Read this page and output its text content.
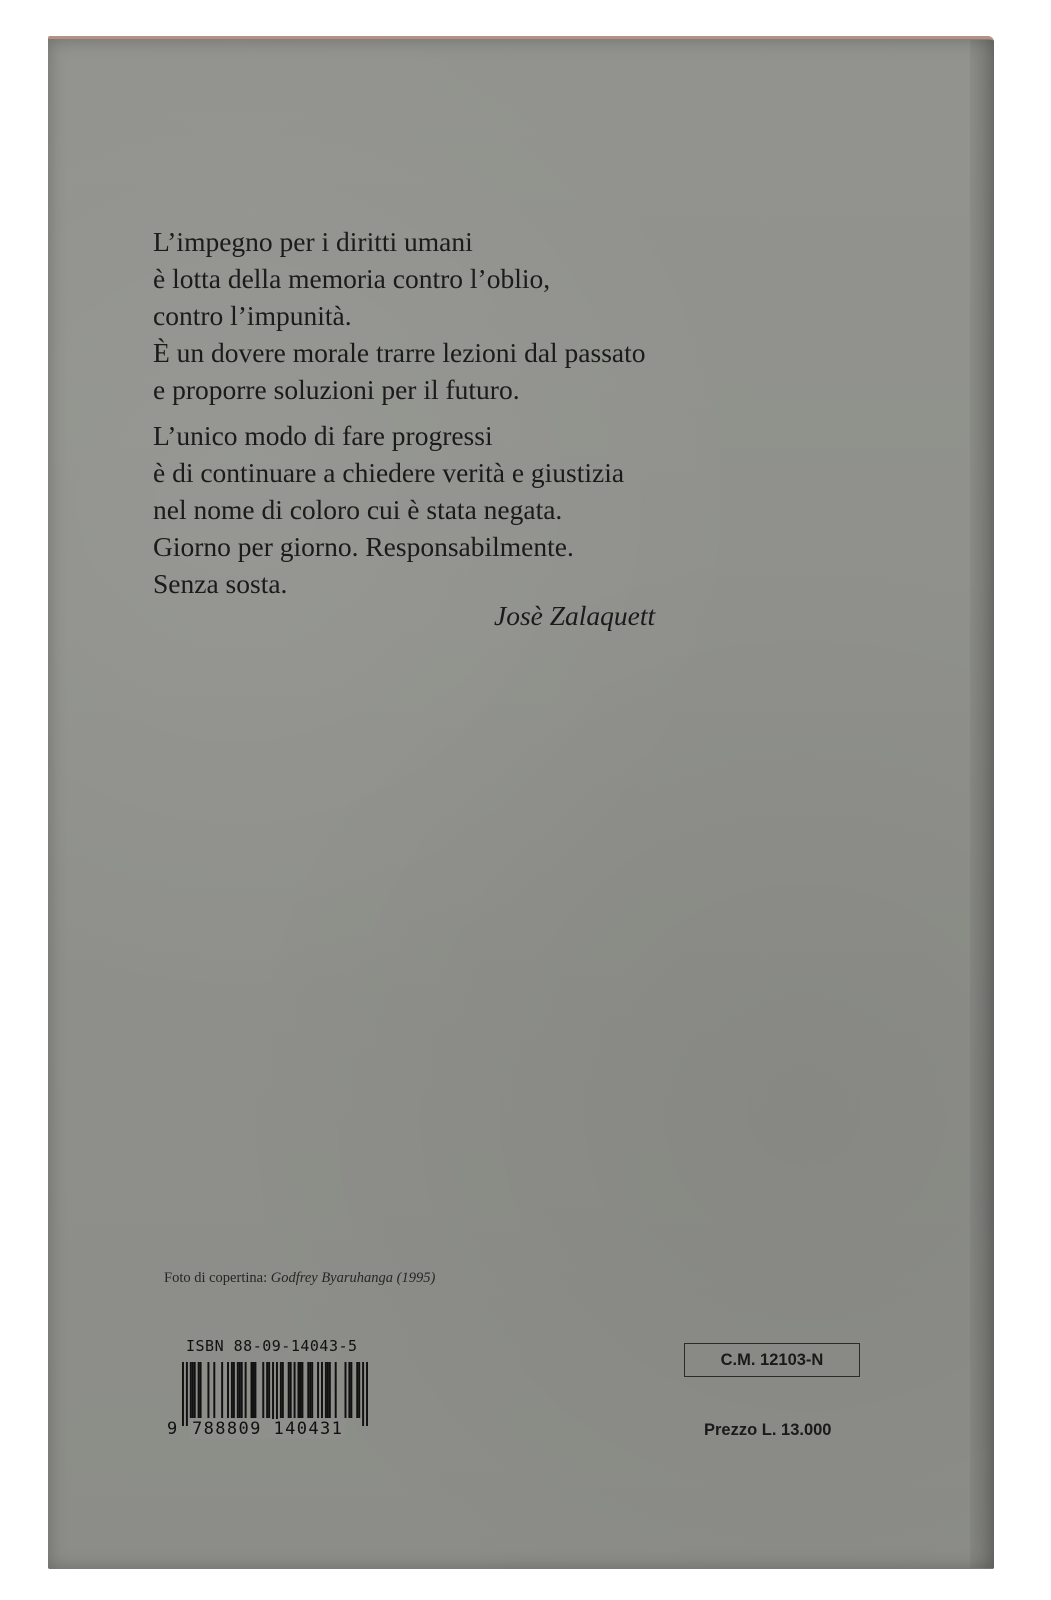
L’impegno per i diritti umani
è lotta della memoria contro l’oblio,
contro l’impunità.
È un dovere morale trarre lezioni dal passato
e proporre soluzioni per il futuro.
L’unico modo di fare progressi
è di continuare a chiedere verità e giustizia
nel nome di coloro cui è stata negata.
Giorno per giorno. Responsabilmente.
Senza sosta.
Josè Zalaquett
Foto di copertina: Godfrey Byaruhanga (1995)
ISBN 88-09-14043-5
9 788809 140431
C.M. 12103-N
Prezzo L. 13.000
